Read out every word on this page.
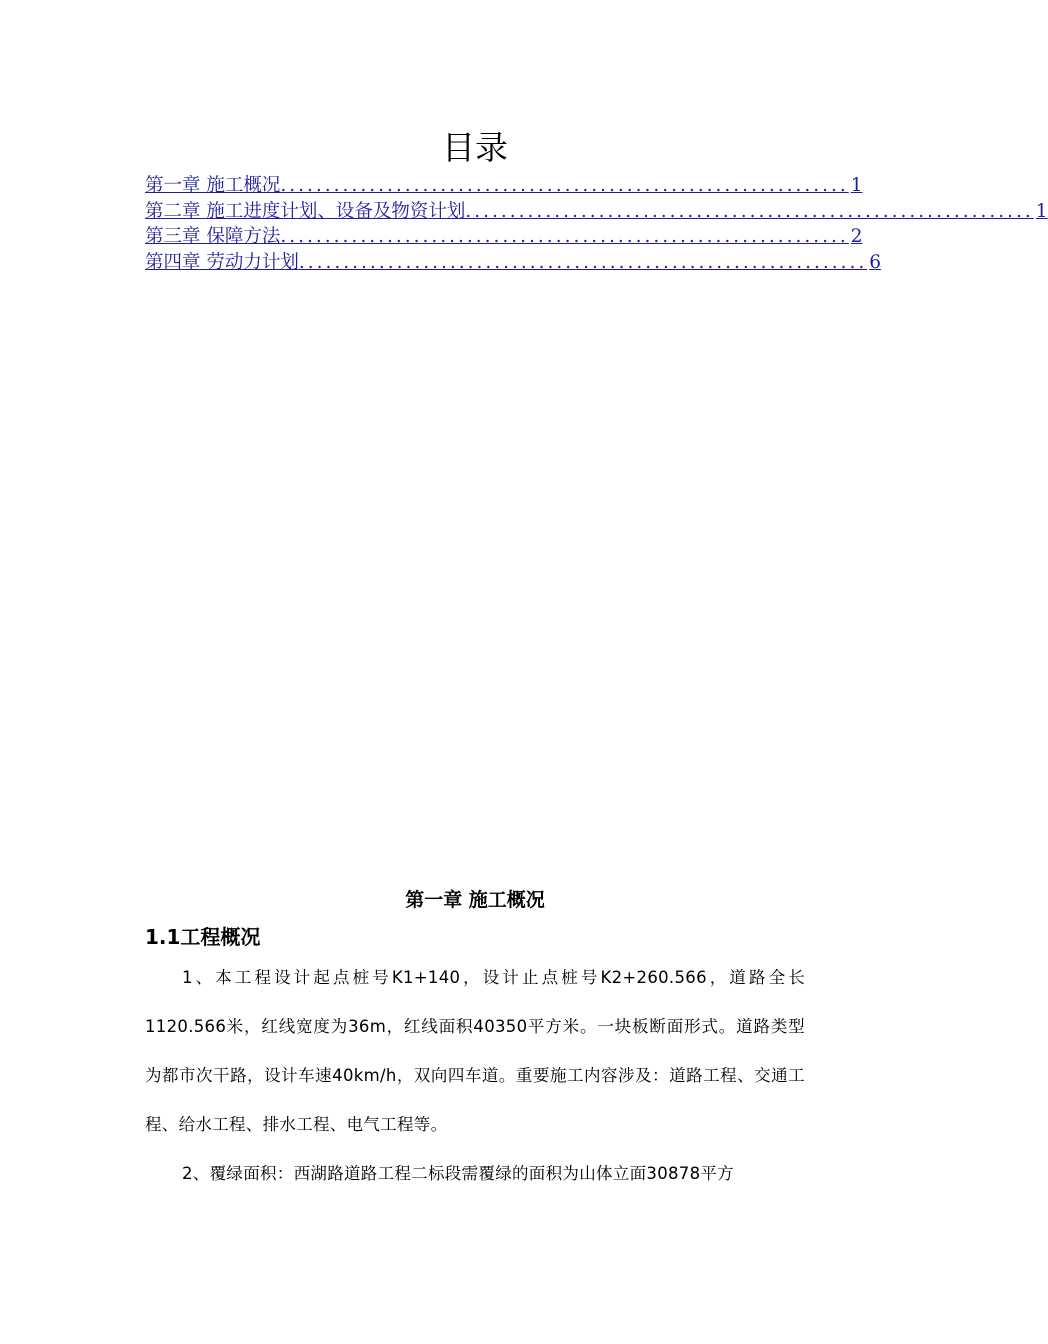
目录
第一章 施工概况 ................................................................ 1
第二章 施工进度计划、设备及物资计划 ................................................................ 1
第三章 保障方法 ................................................................ 2
第四章 劳动力计划 ................................................................ 6
第一章 施工概况
1.1工程概况

1、本工程设计起点桩号K1+140，设计止点桩号K2+260.566，道路全长1120.566米，红线宽度为36m，红线面积40350平方米。一块板断面形式。道路类型为都市次干路，设计车速40km/h，双向四车道。重要施工内容涉及：道路工程、交通工程、给水工程、排水工程、电气工程等。

2、覆绿面积：西湖路道路工程二标段需覆绿的面积为山体立面30878平方
